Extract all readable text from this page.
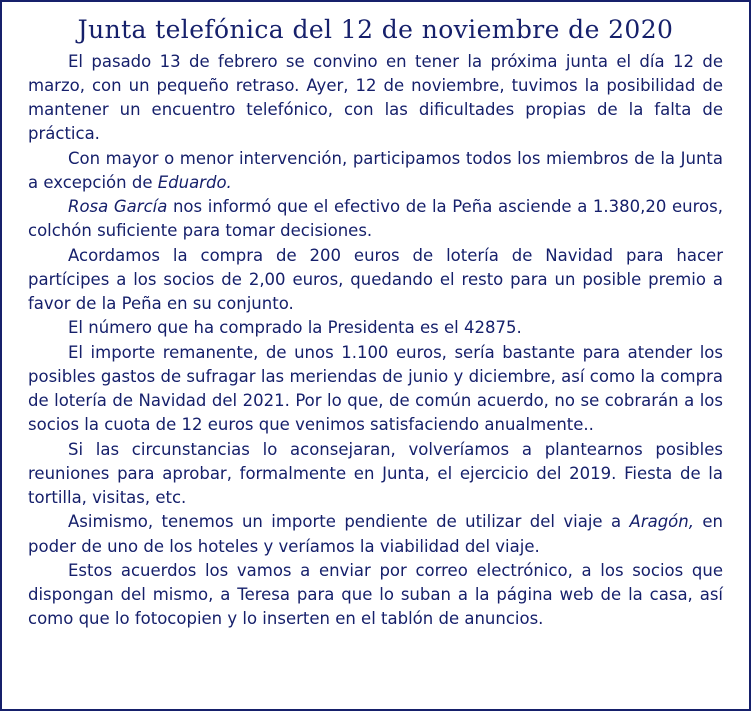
Junta telefónica del 12 de noviembre de 2020

El pasado 13 de febrero se convino en tener la próxima junta el día 12 de marzo, con un pequeño retraso. Ayer, 12 de noviembre, tuvimos la posibilidad de mantener un encuentro telefónico, con las dificultades propias de la falta de práctica.

Con mayor o menor intervención, participamos todos los miembros de la Junta a excepción de Eduardo.

Rosa García nos informó que el efectivo de la Peña asciende a 1.380,20 euros, colchón suficiente para tomar decisiones.

Acordamos la compra de 200 euros de lotería de Navidad para hacer partícipes a los socios de 2,00 euros, quedando el resto para un posible premio a favor de la Peña en su conjunto.

El número que ha comprado la Presidenta es el 42875.

El importe remanente, de unos 1.100 euros, sería bastante para atender los posibles gastos de sufragar las meriendas de junio y diciembre, así como la compra de lotería de Navidad del 2021. Por lo que, de común acuerdo, no se cobrarán a los socios la cuota de 12 euros que venimos satisfaciendo anualmente..

Si las circunstancias lo aconsejaran, volveríamos a plantearnos posibles reuniones para aprobar, formalmente en Junta, el ejercicio del 2019. Fiesta de la tortilla, visitas, etc.

Asimismo, tenemos un importe pendiente de utilizar del viaje a Aragón, en poder de uno de los hoteles y veríamos la viabilidad del viaje.

Estos acuerdos los vamos a enviar por correo electrónico, a los socios que dispongan del mismo, a Teresa para que lo suban a la página web de la casa, así como que lo fotocopien y lo inserten en el tablón de anuncios.
